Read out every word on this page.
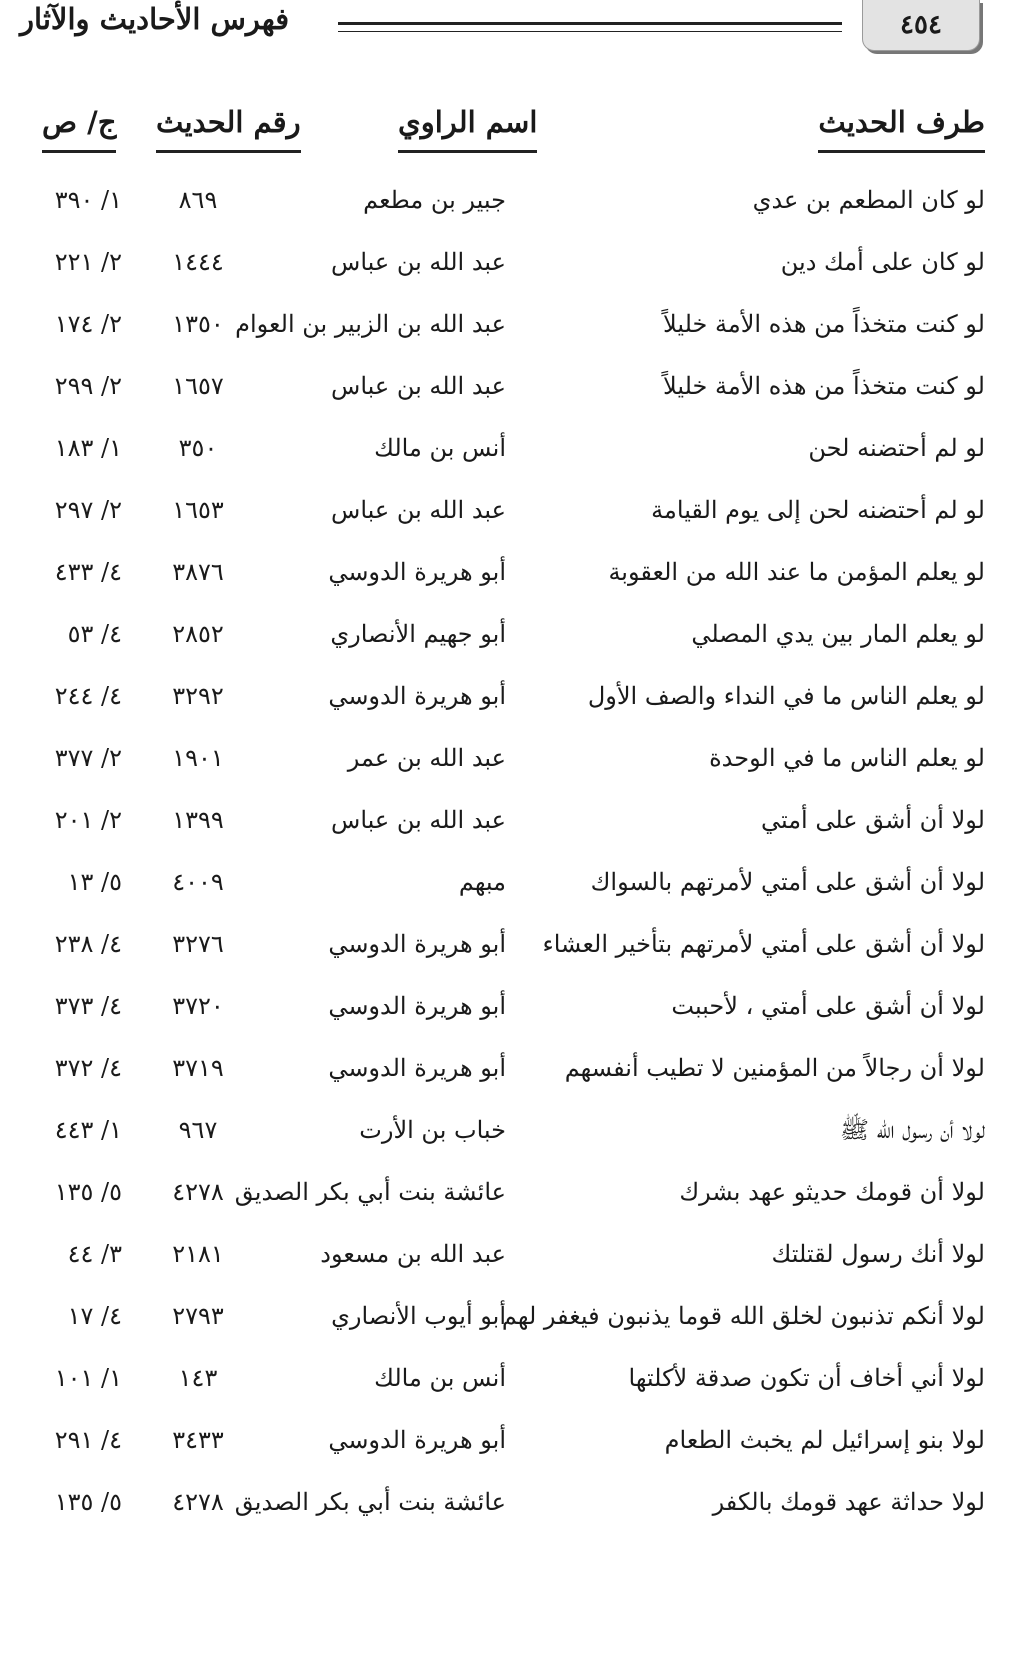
٤٥٤
فهرس الأحاديث والآثار
طرف الحديث
اسم الراوي
رقم الحديث
ج/ ص
لو كان المطعم بن عدي
جبير بن مطعم
٨٦٩
١/ ٣٩٠
لو كان على أمك دين
عبد الله بن عباس
١٤٤٤
٢/ ٢٢١
لو كنت متخذاً من هذه الأمة خليلاً
عبد الله بن الزبير بن العوام
١٣٥٠
٢/ ١٧٤
لو كنت متخذاً من هذه الأمة خليلاً
عبد الله بن عباس
١٦٥٧
٢/ ٢٩٩
لو لم أحتضنه لحن
أنس بن مالك
٣٥٠
١/ ١٨٣
لو لم أحتضنه لحن إلى يوم القيامة
عبد الله بن عباس
١٦٥٣
٢/ ٢٩٧
لو يعلم المؤمن ما عند الله من العقوبة
أبو هريرة الدوسي
٣٨٧٦
٤/ ٤٣٣
لو يعلم المار بين يدي المصلي
أبو جهيم الأنصاري
٢٨٥٢
٤/ ٥٣
لو يعلم الناس ما في النداء والصف الأول
أبو هريرة الدوسي
٣٢٩٢
٤/ ٢٤٤
لو يعلم الناس ما في الوحدة
عبد الله بن عمر
١٩٠١
٢/ ٣٧٧
لولا أن أشق على أمتي
عبد الله بن عباس
١٣٩٩
٢/ ٢٠١
لولا أن أشق على أمتي لأمرتهم بالسواك
مبهم
٤٠٠٩
٥/ ١٣
لولا أن أشق على أمتي لأمرتهم بتأخير العشاء
أبو هريرة الدوسي
٣٢٧٦
٤/ ٢٣٨
لولا أن أشق على أمتي ، لأحببت
أبو هريرة الدوسي
٣٧٢٠
٤/ ٣٧٣
لولا أن رجالاً من المؤمنين لا تطيب أنفسهم
أبو هريرة الدوسي
٣٧١٩
٤/ ٣٧٢
لولا أن رسول الله ﷺ
خباب بن الأرت
٩٦٧
١/ ٤٤٣
لولا أن قومك حديثو عهد بشرك
عائشة بنت أبي بكر الصديق
٤٢٧٨
٥/ ١٣٥
لولا أنك رسول لقتلتك
عبد الله بن مسعود
٢١٨١
٣/ ٤٤
لولا أنكم تذنبون لخلق الله قوما يذنبون فيغفر لهم
أبو أيوب الأنصاري
٢٧٩٣
٤/ ١٧
لولا أني أخاف أن تكون صدقة لأكلتها
أنس بن مالك
١٤٣
١/ ١٠١
لولا بنو إسرائيل لم يخبث الطعام
أبو هريرة الدوسي
٣٤٣٣
٤/ ٢٩١
لولا حداثة عهد قومك بالكفر
عائشة بنت أبي بكر الصديق
٤٢٧٨
٥/ ١٣٥
